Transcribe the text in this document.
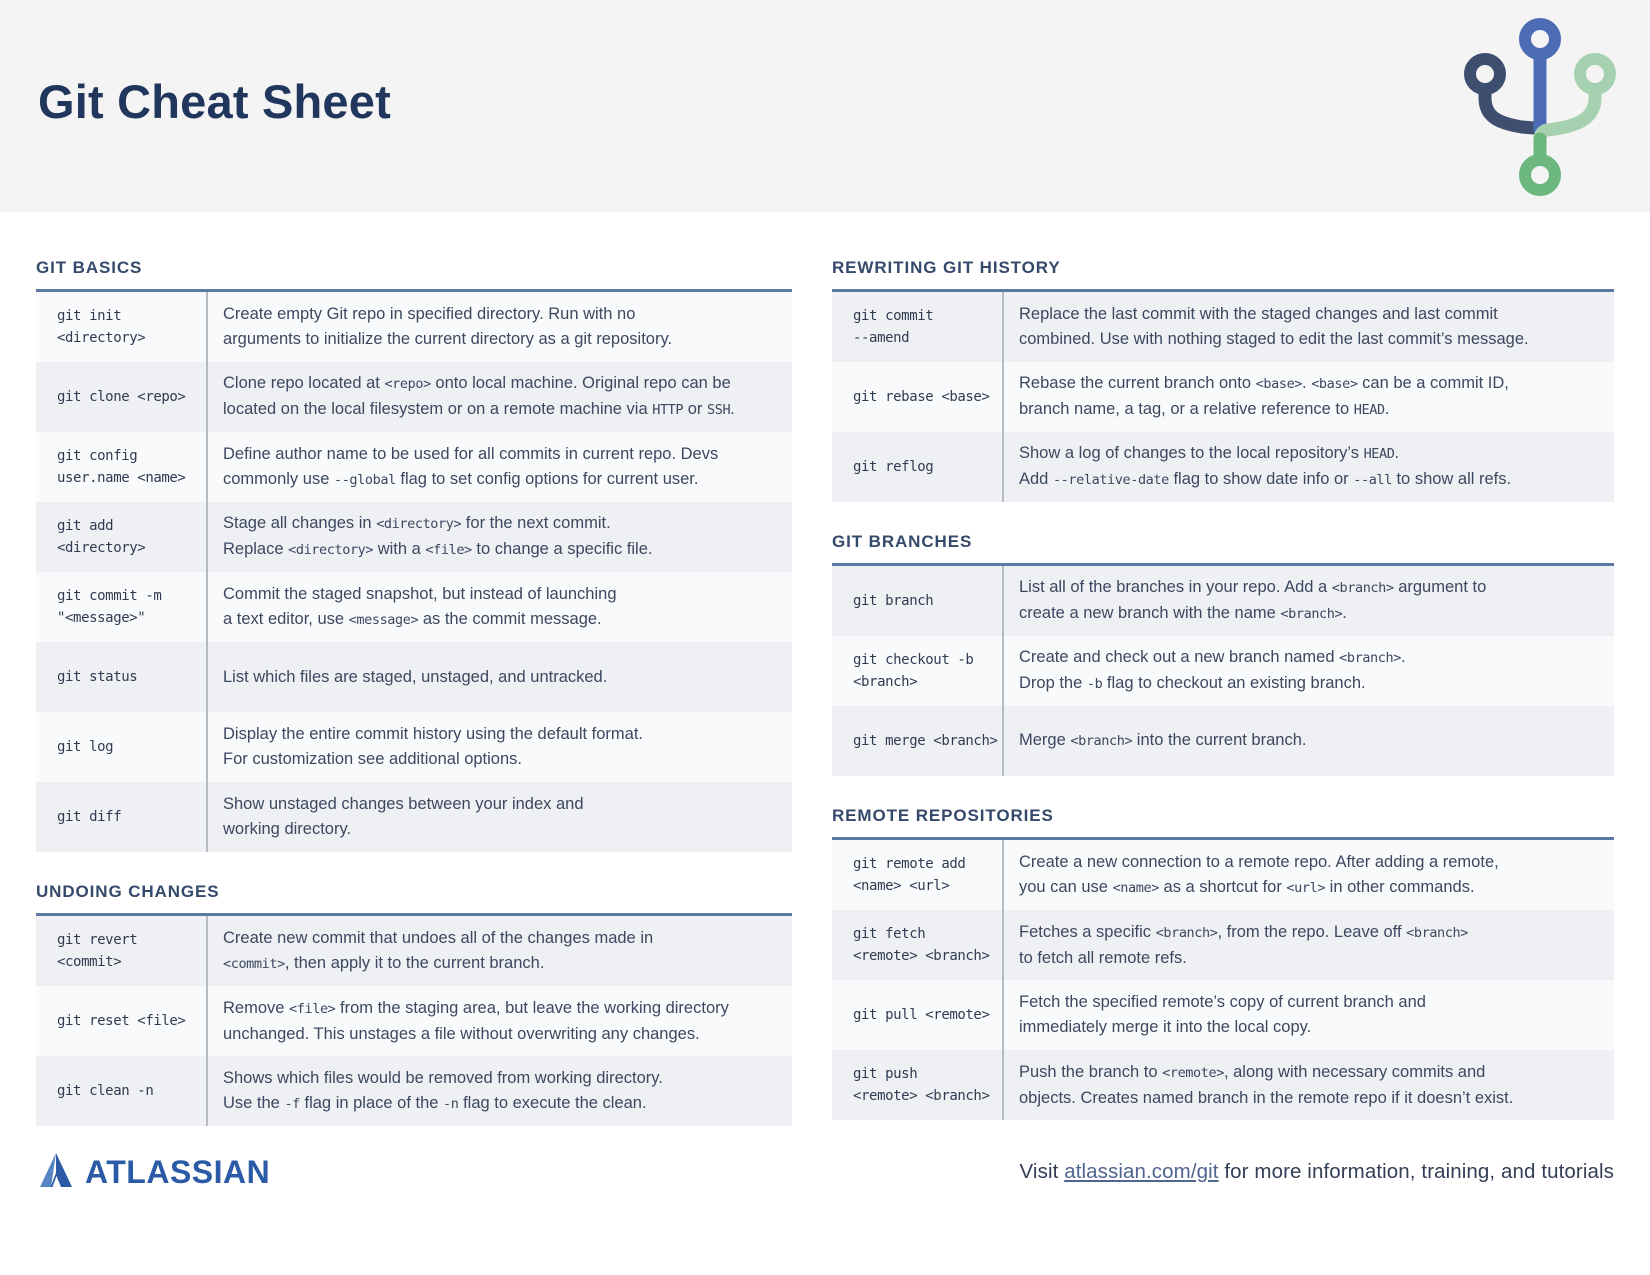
Git Cheat Sheet
GIT BASICS
git init
<directory>
Create empty Git repo in specified directory. Run with no
arguments to initialize the current directory as a git repository.
git clone <repo>
Clone repo located at <repo> onto local machine. Original repo can be
located on the local filesystem or on a remote machine via HTTP or SSH.
git config
user.name <name>
Define author name to be used for all commits in current repo. Devs
commonly use --global flag to set config options for current user.
git add
<directory>
Stage all changes in <directory> for the next commit.
Replace <directory> with a <file> to change a specific file.
git commit -m
"<message>"
Commit the staged snapshot, but instead of launching
a text editor, use <message> as the commit message.
git status	List which files are staged, unstaged, and untracked.
git log
Display the entire commit history using the default format.
For customization see additional options.
git diff
Show unstaged changes between your index and
working directory.
UNDOING CHANGES
git revert
<commit>
Create new commit that undoes all of the changes made in
<commit>, then apply it to the current branch.
git reset <file>
Remove <file> from the staging area, but leave the working directory
unchanged. This unstages a file without overwriting any changes.
git clean -n
Shows which files would be removed from working directory.
Use the -f flag in place of the -n flag to execute the clean.
REWRITING GIT HISTORY
git commit
--amend
Replace the last commit with the staged changes and last commit
combined. Use with nothing staged to edit the last commit’s message.
git rebase <base>
Rebase the current branch onto <base>. <base> can be a commit ID,
branch name, a tag, or a relative reference to HEAD.
git reflog
Show a log of changes to the local repository’s HEAD.
Add --relative-date flag to show date info or --all to show all refs.
GIT BRANCHES
git branch
List all of the branches in your repo. Add a <branch> argument to
create a new branch with the name <branch>.
git checkout -b
<branch>
Create and check out a new branch named <branch>.
Drop the -b flag to checkout an existing branch.
git merge <branch> Merge <branch> into the current branch.
REMOTE REPOSITORIES
git remote add
<name> <url>
Create a new connection to a remote repo. After adding a remote,
you can use <name> as a shortcut for <url> in other commands.
git fetch
<remote> <branch>
Fetches a specific <branch>, from the repo. Leave off <branch>
to fetch all remote refs.
git pull <remote>
Fetch the specified remote’s copy of current branch and
immediately merge it into the local copy.
git push
<remote> <branch>
Push the branch to <remote>, along with necessary commits and
objects. Creates named branch in the remote repo if it doesn’t exist.
ATLASSIAN	Visit atlassian.com/git for more information, training, and tutorials
